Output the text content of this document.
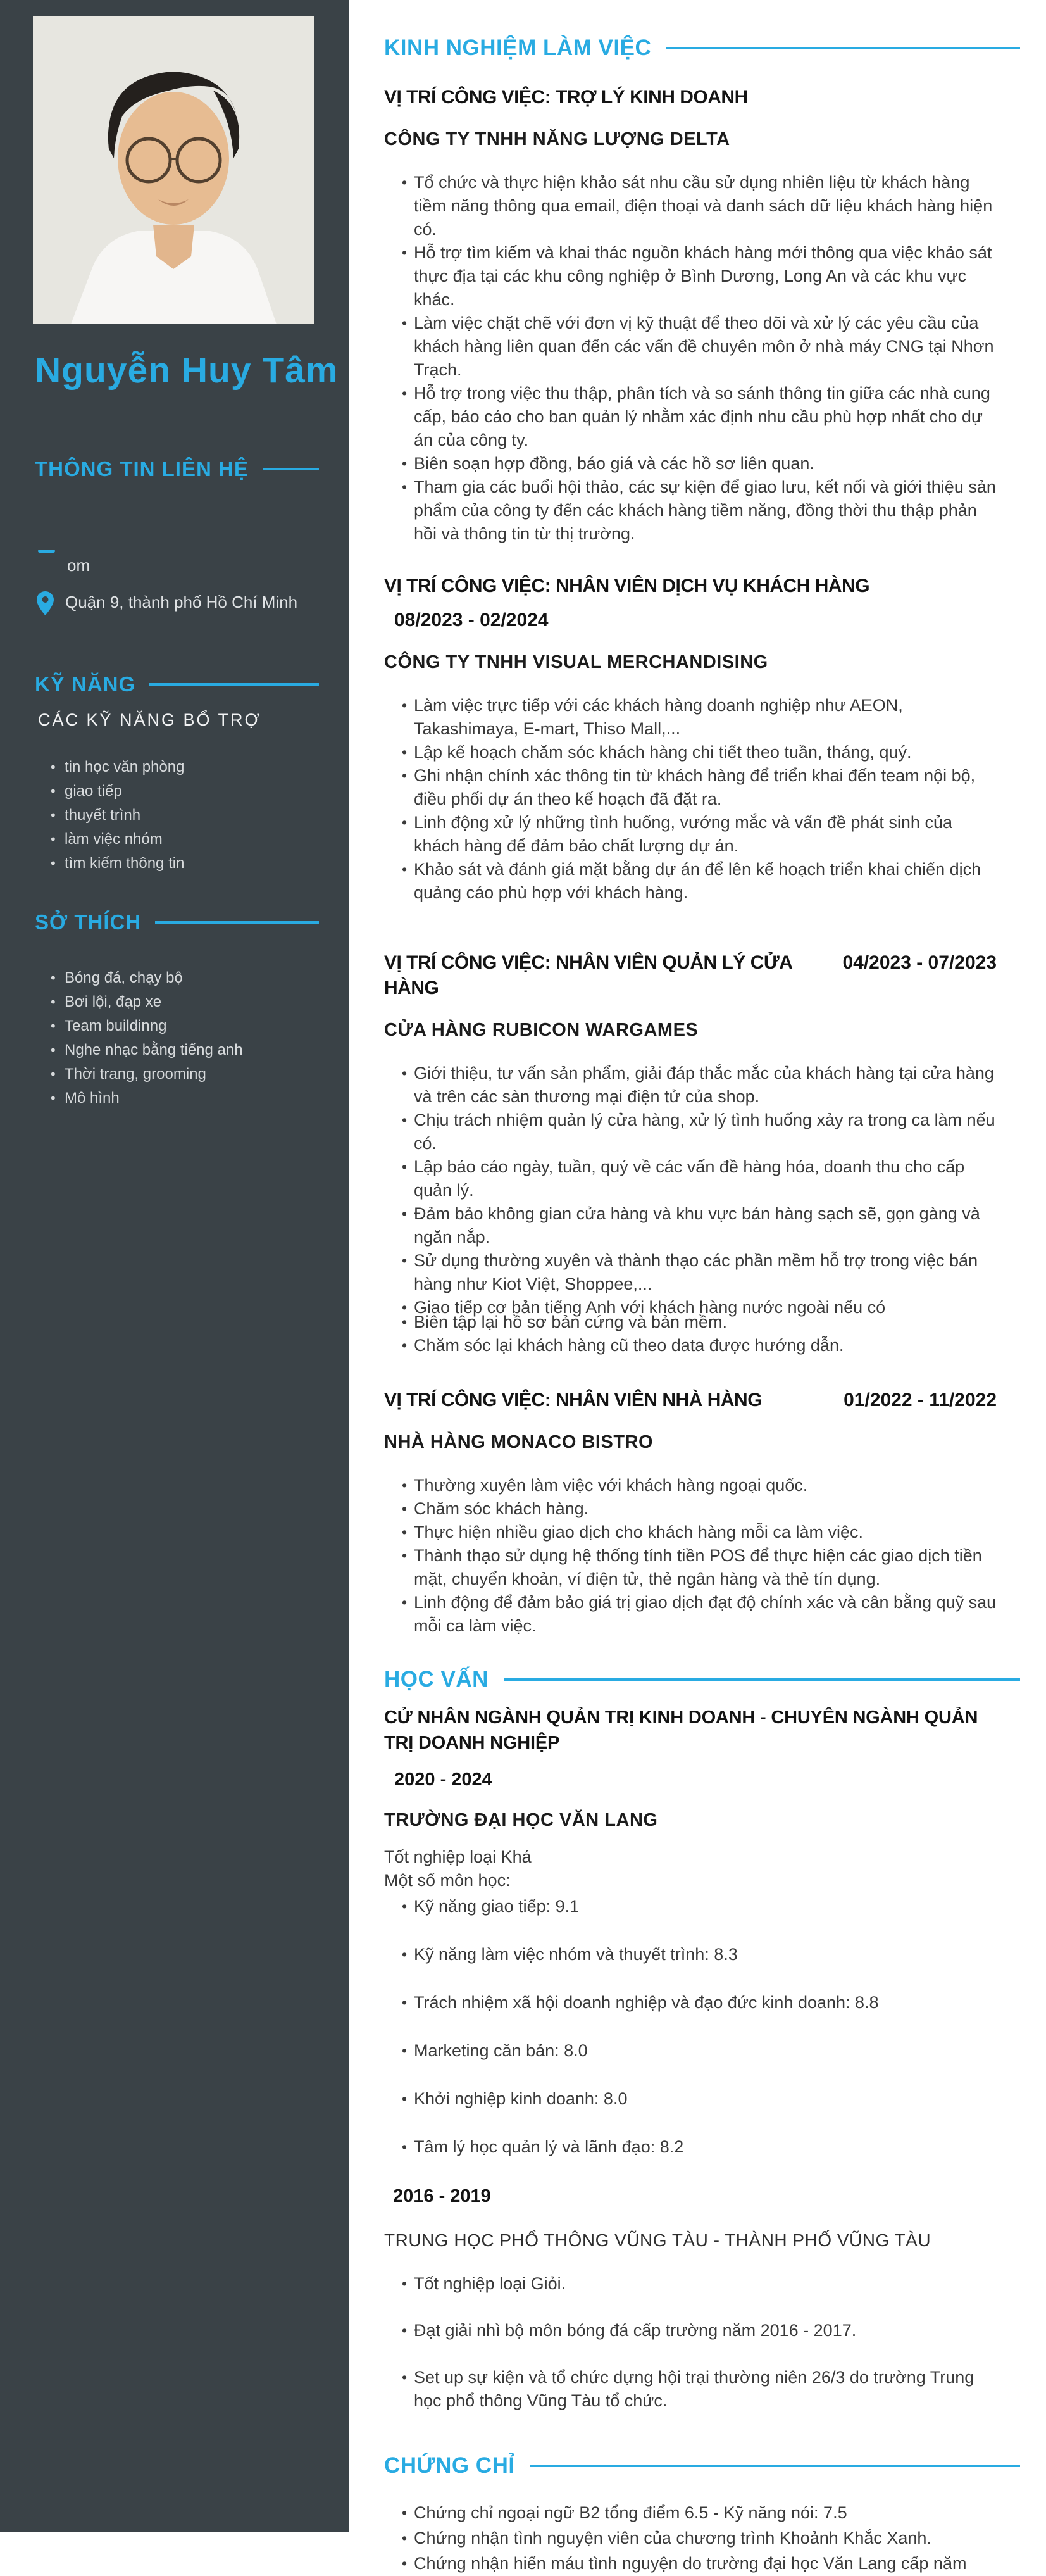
Nguyễn Huy Tâm
THÔNG TIN LIÊN HỆ
om
Quận 9, thành phố Hồ Chí Minh
KỸ NĂNG
CÁC KỸ NĂNG BỔ TRỢ
• tin học văn phòng
• giao tiếp
• thuyết trình
• làm việc nhóm
• tìm kiếm thông tin
SỞ THÍCH
• Bóng đá, chạy bộ
• Bơi lội, đạp xe
• Team buildinng
• Nghe nhạc bằng tiếng anh
• Thời trang, grooming
• Mô hình
KINH NGHIỆM LÀM VIỆC
VỊ TRÍ CÔNG VIỆC: TRỢ LÝ KINH DOANH
CÔNG TY TNHH NĂNG LƯỢNG DELTA
• Tổ chức và thực hiện khảo sát nhu cầu sử dụng nhiên liệu từ khách hàng tiềm năng thông qua email, điện thoại và danh sách dữ liệu khách hàng hiện có.
• Hỗ trợ tìm kiếm và khai thác nguồn khách hàng mới thông qua việc khảo sát thực địa tại các khu công nghiệp ở Bình Dương, Long An và các khu vực khác.
• Làm việc chặt chẽ với đơn vị kỹ thuật để theo dõi và xử lý các yêu cầu của khách hàng liên quan đến các vấn đề chuyên môn ở nhà máy CNG tại Nhơn Trạch.
• Hỗ trợ trong việc thu thập, phân tích và so sánh thông tin giữa các nhà cung cấp, báo cáo cho ban quản lý nhằm xác định nhu cầu phù hợp nhất cho dự án của công ty.
• Biên soạn hợp đồng, báo giá và các hồ sơ liên quan.
• Tham gia các buổi hội thảo, các sự kiện để giao lưu, kết nối và giới thiệu sản phẩm của công ty đến các khách hàng tiềm năng, đồng thời thu thập phản hồi và thông tin từ thị trường.
VỊ TRÍ CÔNG VIỆC: NHÂN VIÊN DỊCH VỤ KHÁCH HÀNG
08/2023 - 02/2024
CÔNG TY TNHH VISUAL MERCHANDISING
• Làm việc trực tiếp với các khách hàng doanh nghiệp như AEON, Takashimaya, E-mart, Thiso Mall,...
• Lập kế hoạch chăm sóc khách hàng chi tiết theo tuần, tháng, quý.
• Ghi nhận chính xác thông tin từ khách hàng để triển khai đến team nội bộ, điều phối dự án theo kế hoạch đã đặt ra.
• Linh động xử lý những tình huống, vướng mắc và vấn đề phát sinh của khách hàng để đảm bảo chất lượng dự án.
• Khảo sát và đánh giá mặt bằng dự án để lên kế hoạch triển khai chiến dịch quảng cáo phù hợp với khách hàng.
VỊ TRÍ CÔNG VIỆC: NHÂN VIÊN QUẢN LÝ CỬA HÀNG
04/2023 - 07/2023
CỬA HÀNG RUBICON WARGAMES
• Giới thiệu, tư vấn sản phẩm, giải đáp thắc mắc của khách hàng tại cửa hàng và trên các sàn thương mại điện tử của shop.
• Chịu trách nhiệm quản lý cửa hàng, xử lý tình huống xảy ra trong ca làm nếu có.
• Lập báo cáo ngày, tuần, quý về các vấn đề hàng hóa, doanh thu cho cấp quản lý.
• Đảm bảo không gian cửa hàng và khu vực bán hàng sạch sẽ, gọn gàng và ngăn nắp.
• Sử dụng thường xuyên và thành thạo các phần mềm hỗ trợ trong việc bán hàng như Kiot Việt, Shoppee,...
• Giao tiếp cơ bản tiếng Anh với khách hàng nước ngoài nếu có
• Biên tập lại hồ sơ bản cứng và bản mềm.
• Chăm sóc lại khách hàng cũ theo data được hướng dẫn.
VỊ TRÍ CÔNG VIỆC: NHÂN VIÊN NHÀ HÀNG	01/2022 - 11/2022
NHÀ HÀNG MONACO BISTRO
• Thường xuyên làm việc với khách hàng ngoại quốc.
• Chăm sóc khách hàng.
• Thực hiện nhiều giao dịch cho khách hàng mỗi ca làm việc.
• Thành thạo sử dụng hệ thống tính tiền POS để thực hiện các giao dịch tiền mặt, chuyển khoản, ví điện tử, thẻ ngân hàng và thẻ tín dụng.
• Linh động để đảm bảo giá trị giao dịch đạt độ chính xác và cân bằng quỹ sau mỗi ca làm việc.
HỌC VẤN
CỬ NHÂN NGÀNH QUẢN TRỊ KINH DOANH - CHUYÊN NGÀNH QUẢN TRỊ DOANH NGHIỆP
2020 - 2024
TRƯỜNG ĐẠI HỌC VĂN LANG
Tốt nghiệp loại Khá
Một số môn học:
• Kỹ năng giao tiếp: 9.1
• Kỹ năng làm việc nhóm và thuyết trình: 8.3
• Trách nhiệm xã hội doanh nghiệp và đạo đức kinh doanh: 8.8
• Marketing căn bản: 8.0
• Khởi nghiệp kinh doanh: 8.0
• Tâm lý học quản lý và lãnh đạo: 8.2
2016 - 2019
TRUNG HỌC PHỔ THÔNG VŨNG TÀU - THÀNH PHỐ VŨNG TÀU
• Tốt nghiệp loại Giỏi.
• Đạt giải nhì bộ môn bóng đá cấp trường năm 2016 - 2017.
• Set up sự kiện và tổ chức dựng hội trại thường niên 26/3 do trường Trung học phổ thông Vũng Tàu tổ chức.
CHỨNG CHỈ
• Chứng chỉ ngoại ngữ B2 tổng điểm 6.5 - Kỹ năng nói: 7.5
• Chứng nhận tình nguyện viên của chương trình Khoảnh Khắc Xanh.
• Chứng nhận hiến máu tình nguyện do trường đại học Văn Lang cấp năm
